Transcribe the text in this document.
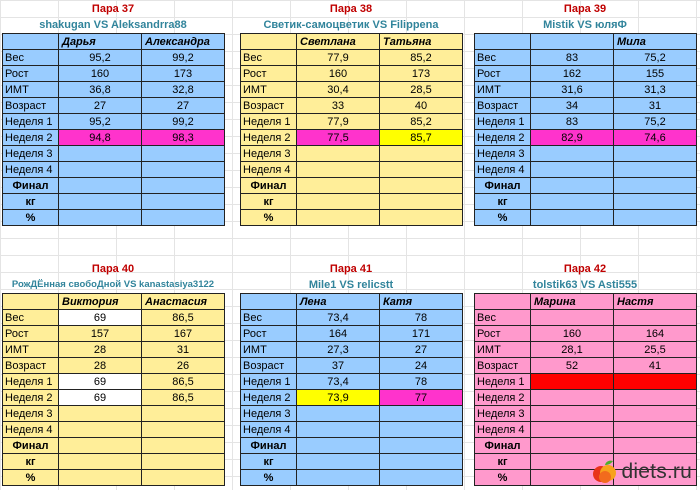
Пара 37
shakugan VS Aleksandrra88
	Дарья	Александра
Вес	95,2	99,2
Рост	160	173
ИМТ	36,8	32,8
Возраст	27	27
Неделя 1	95,2	99,2
Неделя 2	94,8	98,3
Неделя 3		
Неделя 4		
Финал		
кг		
%		
Пара 38
Светик-самоцветик VS Filippena
	Светлана	Татьяна
Вес	77,9	85,2
Рост	160	173
ИМТ	30,4	28,5
Возраст	33	40
Неделя 1	77,9	85,2
Неделя 2	77,5	85,7
Неделя 3		
Неделя 4		
Финал		
кг		
%		
Пара 39
Mistik VS юляФ
		Мила
Вес	83	75,2
Рост	162	155
ИМТ	31,6	31,3
Возраст	34	31
Неделя 1	83	75,2
Неделя 2	82,9	74,6
Неделя 3		
Неделя 4		
Финал		
кг		
%		
Пара 40
РожДЁнная свобоДной VS kanastasiya3122
	Виктория	Анастасия
Вес	69	86,5
Рост	157	167
ИМТ	28	31
Возраст	28	26
Неделя 1	69	86,5
Неделя 2	69	86,5
Неделя 3		
Неделя 4		
Финал		
кг		
%		
Пара 41
Mile1 VS relicstt
	Лена	Катя
Вес	73,4	78
Рост	164	171
ИМТ	27,3	27
Возраст	37	24
Неделя 1	73,4	78
Неделя 2	73,9	77
Неделя 3		
Неделя 4		
Финал		
кг		
%		
Пара 42
tolstik63 VS Asti555
	Марина	Настя
Вес		
Рост	160	164
ИМТ	28,1	25,5
Возраст	52	41
Неделя 1		
Неделя 2		
Неделя 3		
Неделя 4		
Финал		
кг		
%			diets.ru
